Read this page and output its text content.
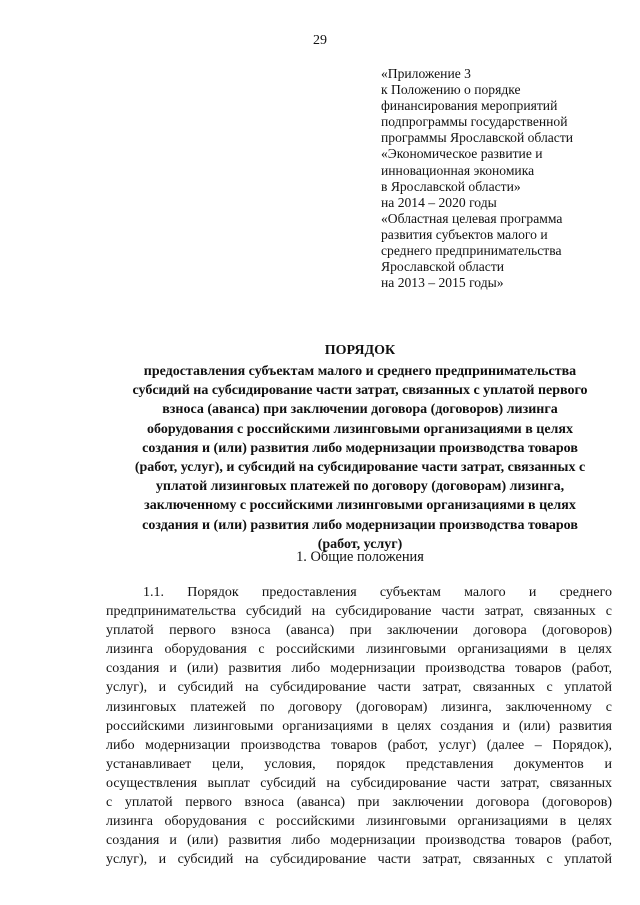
29
«Приложение 3
к Положению о порядке
финансирования мероприятий
подпрограммы государственной
программы Ярославской области
«Экономическое развитие и
инновационная экономика
в Ярославской области»
на 2014 – 2020 годы
«Областная целевая программа
развития субъектов малого и
среднего предпринимательства
Ярославской области
на 2013 – 2015 годы»
ПОРЯДОК
предоставления субъектам малого и среднего предпринимательства
субсидий на субсидирование части затрат, связанных с уплатой первого
взноса (аванса) при заключении договора (договоров) лизинга
оборудования с российскими лизинговыми организациями в целях
создания и (или) развития либо модернизации производства товаров
(работ, услуг), и субсидий на субсидирование части затрат, связанных с
уплатой лизинговых платежей по договору (договорам) лизинга,
заключенному с российскими лизинговыми организациями в целях
создания и (или) развития либо модернизации производства товаров
(работ, услуг)
1. Общие положения
1.1. Порядок предоставления субъектам малого и среднего
предпринимательства субсидий на субсидирование части затрат, связанных с
уплатой первого взноса (аванса) при заключении договора (договоров)
лизинга оборудования с российскими лизинговыми организациями в целях
создания и (или) развития либо модернизации производства товаров (работ,
услуг), и субсидий на субсидирование части затрат, связанных с уплатой
лизинговых платежей по договору (договорам) лизинга, заключенному с
российскими лизинговыми организациями в целях создания и (или) развития
либо модернизации производства товаров (работ, услуг) (далее – Порядок),
устанавливает цели, условия, порядок представления документов и
осуществления выплат субсидий на субсидирование части затрат, связанных
с уплатой первого взноса (аванса) при заключении договора (договоров)
лизинга оборудования с российскими лизинговыми организациями в целях
создания и (или) развития либо модернизации производства товаров (работ,
услуг), и субсидий на субсидирование части затрат, связанных с уплатой
